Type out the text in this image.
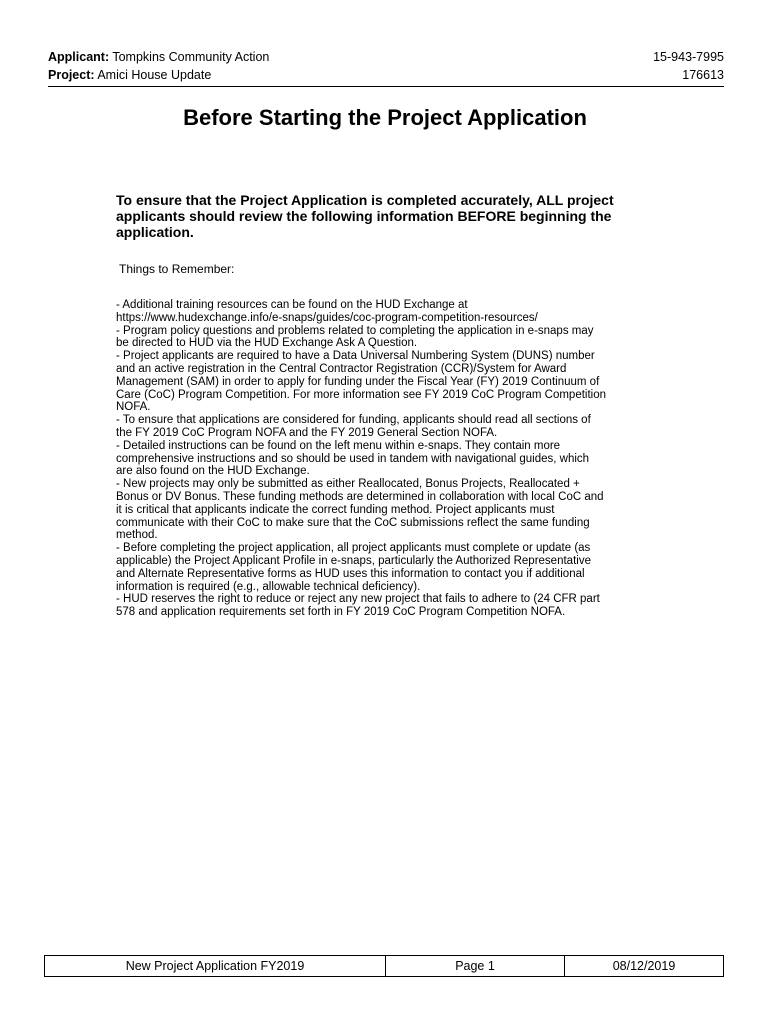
Applicant: Tompkins Community Action	15-943-7995
Project: Amici House Update	176613
Before Starting the Project Application
To ensure that the Project Application is completed accurately, ALL project applicants should review the following information BEFORE beginning the application.
Things to Remember:
- Additional training resources can be found on the HUD Exchange at
https://www.hudexchange.info/e-snaps/guides/coc-program-competition-resources/
- Program policy questions and problems related to completing the application in e-snaps may
be directed to HUD via the HUD Exchange Ask A Question.
- Project applicants are required to have a Data Universal Numbering System (DUNS) number
and an active registration in the Central Contractor Registration (CCR)/System for Award
Management (SAM) in order to apply for funding under the Fiscal Year (FY) 2019 Continuum of
Care (CoC) Program Competition. For more information see FY 2019 CoC Program Competition
NOFA.
- To ensure that applications are considered for funding, applicants should read all sections of
the FY 2019 CoC Program NOFA and the FY 2019 General Section NOFA.
- Detailed instructions can be found on the left menu within e-snaps. They contain more
comprehensive instructions and so should be used in tandem with navigational guides, which
are also found on the HUD Exchange.
- New projects may only be submitted as either Reallocated, Bonus Projects, Reallocated +
Bonus or DV Bonus. These funding methods are determined in collaboration with local CoC and
it is critical that applicants indicate the correct funding method. Project applicants must
communicate with their CoC to make sure that the CoC submissions reflect the same funding
method.
- Before completing the project application, all project applicants must complete or update (as
applicable) the Project Applicant Profile in e-snaps, particularly the Authorized Representative
and Alternate Representative forms as HUD uses this information to contact you if additional
information is required (e.g., allowable technical deficiency).
- HUD reserves the right to reduce or reject any new project that fails to adhere to (24 CFR part
578 and application requirements set forth in FY 2019 CoC Program Competition NOFA.
New Project Application FY2019	Page 1	08/12/2019
